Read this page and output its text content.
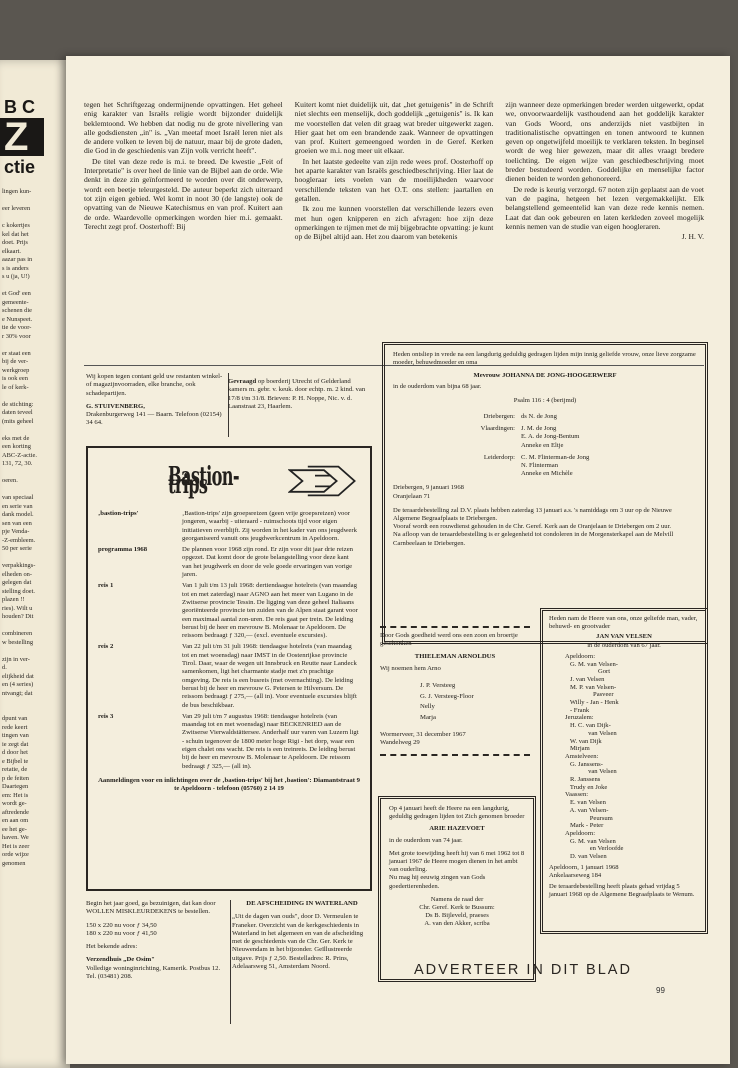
B C
Z
ctie
lingen kun-

eer leveren

c kokertjes
kel dat het
doet. Prijs
elkaart.
aazar pas in
s is anders
s u (ja, U!)

et God' een
gemeente-
schenen die
e Nunspeet.
tie de voor-
r 30% voor

er staat een
bij de ver-
werkgroep
is ook een
le of kerk-

de stichting:
daten teveel
(mits geheel

eks met de
een korting
ABC-Z-actie.
131, 72, 30.

oeren.

van speciaal
en serie van
dank model.
sen van een
pje Venda-
-Z-embleem.
50 per serie

verpakkings-
elheden on-
gelegen dat
stelling doet.
plazen !!
ries). Wilt u
houden? Dit

combineren
w bestelling

zijn in ver-
d.
elijkheid dat
en (4 series)
ntvangt; dat

dpunt van
rede keert
tingen van
ie zegt dat
d door het
e Bijbel te
retatie, de
p de feiten
Daartegen
em: Het is
wordt ge-
aftredende
en aan om
ee het ge-
haven. We
Het is zeer
orde wijze
genomen

tegen het Schriftgezag ondermijnende opvattingen. Het geheel enig karakter van Israëls religie wordt bijzonder duidelijk beklemtoond. We hebben dat nodig nu de grote nivellering van alle godsdiensten „in" is. „Van meetaf moet Israël leren niet als de andere volken te leven bij de natuur, maar bij de grote daden, die God in de geschiedenis van Zijn volk verricht heeft".

De titel van deze rede is m.i. te breed. De kwestie „Feit of Interpretatie" is over heel de linie van de Bijbel aan de orde. Wie denkt in deze zin geïnformeerd te worden over dit onderwerp, wordt een beetje teleurgesteld. De auteur beperkt zich uiteraard tot zijn eigen gebied. Wel komt in noot 30 (de langste) ook de opvatting van de Nieuwe Katechismus en van prof. Kuitert aan de orde. Waardevolle opmerkingen worden hier m.i. gemaakt. Terecht zegt prof. Oosterhoff: Bij

Kuitert komt niet duidelijk uit, dat „het getuigenis" in de Schrift niet slechts een menselijk, doch goddelijk „getuigenis" is. Ik kan me voorstellen dat velen dit graag wat breder uitgewerkt zagen. Hier gaat het om een brandende zaak. Wanneer de opvattingen van prof. Kuitert gemeengoed worden in de Geref. Kerken groeien we m.i. nog meer uit elkaar.

In het laatste gedeelte van zijn rede wees prof. Oosterhoff op het aparte karakter van Israëls geschiedbeschrijving. Hier laat de hoogleraar iets voelen van de moeilijkheden waarvoor verschillende teksten van het O.T. ons stellen: jaartallen en getallen.

Ik zou me kunnen voorstellen dat verschillende lezers even met hun ogen knipperen en zich afvragen: hoe zijn deze opmerkingen te rijmen met de mij bijgebrachte opvatting: je kunt op de Bijbel altijd aan. Het zou daarom van betekenis

zijn wanneer deze opmerkingen breder werden uitgewerkt, opdat we, onvoorwaardelijk vasthoudend aan het goddelijk karakter van Gods Woord, ons anderzijds niet vastbijten in traditionalistische opvattingen en tonen antwoord te kunnen geven op ongetwijfeld moeilijk te verklaren teksten. In beginsel wordt de weg hier gewezen, maar dit alles vraagt bredere toelichting. De eigen wijze van geschiedbeschrijving moet breder bestudeerd worden. Goddelijke en menselijke factor dienen beiden te worden gehonoreerd.

De rede is keurig verzorgd. 67 noten zijn geplaatst aan de voet van de pagina, hetgeen het lezen vergemakkelijkt. Elk belangstellend gemeentelid kan van deze rede kennis nemen. Laat dat dan ook gebeuren en laten kerkleden zoveel mogelijk kennis nemen van de studie van eigen hoogleraren.

J. H. V.
Wij kopen tegen contant geld uw restanten winkel- of magazijnvoorraden, elke branche, ook schadepartijen.
G. STUIVENBERG,
Drakenburgerweg 141 — Baarn. Telefoon (02154) 34 64.
Gevraagd op boerderij Utrecht of Gelderland kamers m. gebr. v. keuk. door echtp. m. 2 kind. van 17/8 t/m 31/8. Brieven: P. H. Noppe, Nic. v. d. Laanstraat 23, Haarlem.
Bastion-trips
‚bastion-trips'	‚Bastion-trips' zijn groepsreizen (geen vrije groepsreizen) voor jongeren, waarbij - uiteraard - ruimschoots tijd voor eigen initiatieven overblijft. Zij worden in het kader van ons jeugdwerk georganiseerd vanuit ons jeugdwerkcentrum in Apeldoorn.
programma 1968	De plannen voor 1968 zijn rond. Er zijn voor dit jaar drie reizen opgezet. Dat komt door de grote belangstelling voor deze kant van het jeugdwerk en door de vele goede ervaringen van vorige jaren.
reis 1	Van 1 juli t/m 13 juli 1968: dertiendaagse hotelreis (van maandag tot en met zaterdag) naar AGNO aan het meer van Lugano in de Zwitserse provincie Tessin. De ligging van deze geheel Italiaans georiënteerde provincie ten zuiden van de Alpen staat garant voor een maximaal aantal zon-uren. De reis gaat per trein. De leiding berust bij de heer en mevrouw B. Molenaar te Apeldoorn. De reissom bedraagt ƒ 320,— (excl. eventuele excursies).
reis 2	Van 22 juli t/m 31 juli 1968: tiendaagse hotelreis (van maandag tot en met woensdag) naar IMST in de Oostenrijkse provincie Tirol. Daar, waar de wegen uit Innsbruck en Reutte naar Landeck samenkomen, ligt het charmante stadje met z'n prachtige omgeving. De reis is een busreis (met overnachting). De leiding berust bij de heer en mevrouw G. Petersen te Hilversum. De reissom bedraagt ƒ 275,— (all in). Voor eventuele excursies blijft de bus beschikbaar.
reis 3	Van 29 juli t/m 7 augustus 1968: tiendaagse hotelreis (van maandag tot en met woensdag) naar BECKENRIED aan de Zwitserse Vierwaldstättersee. Anderhalf uur varen van Luzern ligt - schuin tegenover de 1800 meter hoge Rigi - het dorp, waar een eigen chalet ons wacht. De reis is een treinreis. De leiding berust bij de heer en mevrouw B. Molenaar te Apeldoorn. De reissom bedraagt ƒ 325,— (all in).
Aanmeldingen voor en inlichtingen over de ‚bastion-trips' bij het ‚bastion': Diamantstraat 9 te Apeldoorn - telefoon (05760) 2 14 19
Begin het jaar goed, ga bezuinigen, dat kan door WOLLEN MISKLEURDEKENS te bestellen.
150 x 220 nu voor ƒ 34,50
180 x 220 nu voor ƒ 41,50
Het bekende adres:
Verzendhuis „De Osim"
Volledige woninginrichting, Kamerik. Postbus 12. Tel. (03481) 208.
DE AFSCHEIDING IN WATERLAND
„Uit de dagen van ouds", door D. Vermeulen te Franeker. Overzicht van de kerkgeschiedenis in Waterland in het algemeen en van de afscheiding met de geschiedenis van de Chr. Ger. Kerk te Nieuwendam in het bijzonder. Geïllustreerde uitgave. Prijs ƒ 2,50. Bestelladres: R. Prins, Adelaarsweg 51, Amsterdam Noord.
Heden ontsliep in vrede na een langdurig geduldig gedragen lijden mijn innig geliefde vrouw, onze lieve zorgzame moeder, behuwdmoeder en oma
Mevrouw JOHANNA DE JONG-HOOGERWERF
in de ouderdom van bijna 68 jaar.
Psalm 116 : 4 (berijmd)
Driebergen: ds N. de Jong
Vlaardingen: J. M. de Jong
E. A. de Jong-Bentum
Anneke en Eltje
Leiderdorp: C. M. Flinterman-de Jong
N. Flinterman
Anneke en Michèle
Driebergen, 9 januari 1968
Oranjelaan 71
De teraardebestelling zal D.V. plaats hebben zaterdag 13 januari a.s. 's namiddags om 3 uur op de Nieuwe Algemene Begraafplaats te Driebergen.
Vooraf wordt een rouwdienst gehouden in de Chr. Geref. Kerk aan de Oranjelaan te Driebergen om 2 uur.
Na afloop van de teraardebestelling is er gelegenheid tot condoleren in de Morgensterkapel aan de Melvill Carnbeelaan te Driebergen.
Door Gods goedheid werd ons een zoon en broertje geschonken
THIELEMAN ARNOLDUS
Wij noemen hem Arno
J. P. Versteeg
G. J. Versteeg-Floor
Nelly
Marja
Wormerveer, 31 december 1967
Wandelweg 29
Op 4 januari heeft de Heere na een langdurig, geduldig gedragen lijden tot Zich genomen broeder
ARIE HAZEVOET
in de ouderdom van 74 jaar.
Met grote toewijding heeft hij van 6 mei 1962 tot 8 januari 1967 de Heere mogen dienen in het ambt van ouderling.
Nu mag hij eeuwig zingen van Gods goedertierenheden.
Namens de raad der
Chr. Geref. Kerk te Bussum:
Ds B. Bijleveld, praeses
A. van den Akker, scriba
Heden nam de Heere van ons, onze geliefde man, vader, behuwd- en grootvader
JAN VAN VELSEN
in de ouderdom van 67 jaar.
Apeldoorn:
G. M. van Velsen-
Gort
J. van Velsen
M. P. van Velsen-
Pasveer
Willy - Jan - Henk
- Frank
Jeruzalem:
H. C. van Dijk-
van Velsen
W. van Dijk
Mirjam
Amstelveen:
G. Janssens-
van Velsen
R. Janssens
Trudy en Joke
Vaassen:
E. van Velsen
A. van Velsen-
Peursum
Mark - Peter
Apeldoorn:
G. M. van Velsen
en Verloofde
D. van Velsen
Apeldoorn, 1 januari 1968
Ankelaarseweg 184
De teraardebestelling heeft plaats gehad vrijdag 5 januari 1968 op de Algemene Begraafplaats te Wenum.
ADVERTEER IN DIT BLAD
99
